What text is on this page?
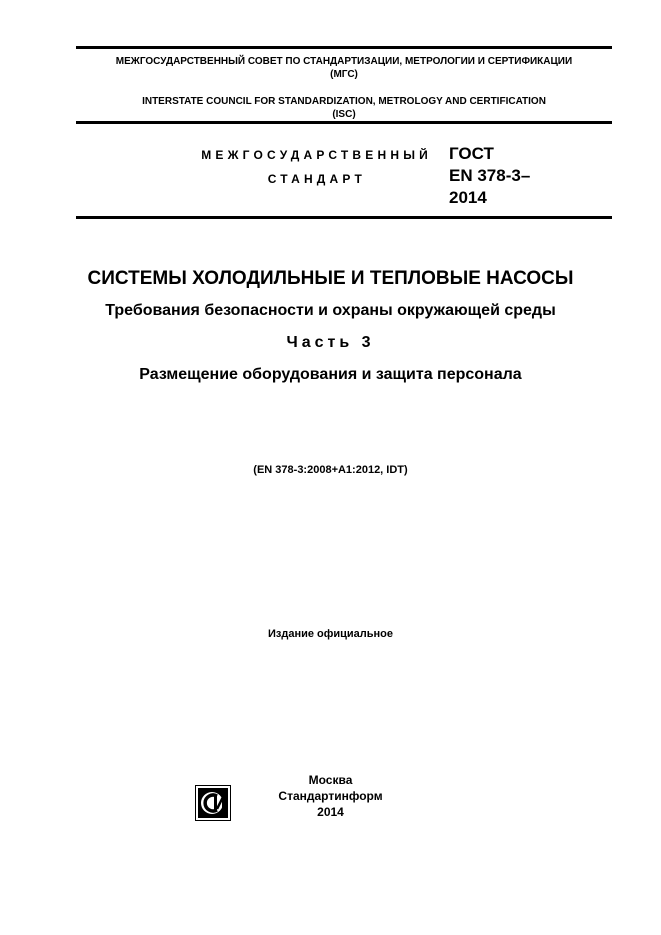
МЕЖГОСУДАРСТВЕННЫЙ СОВЕТ ПО СТАНДАРТИЗАЦИИ, МЕТРОЛОГИИ И СЕРТИФИКАЦИИ
(МГС)
INTERSTATE COUNCIL FOR STANDARDIZATION, METROLOGY AND CERTIFICATION
(ISC)
МЕЖГОСУДАРСТВЕННЫЙ
СТАНДАРТ
ГОСТ
EN 378-3–
2014
СИСТЕМЫ ХОЛОДИЛЬНЫЕ И ТЕПЛОВЫЕ НАСОСЫ
Требования безопасности и охраны окружающей среды
Часть 3
Размещение оборудования и защита персонала
(EN 378-3:2008+A1:2012, IDT)
Издание официальное
Москва
Стандартинформ
2014
